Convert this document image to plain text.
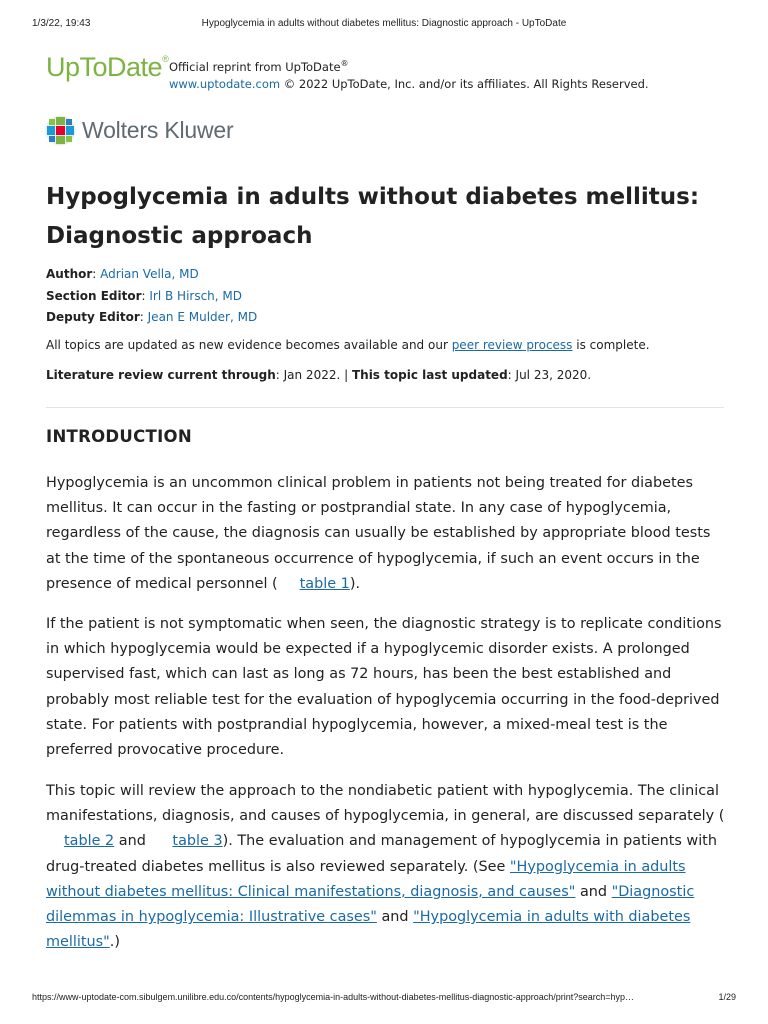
1/3/22, 19:43	Hypoglycemia in adults without diabetes mellitus: Diagnostic approach - UpToDate
UpToDate®
Official reprint from UpToDate®
www.uptodate.com © 2022 UpToDate, Inc. and/or its affiliates. All Rights Reserved.
Wolters Kluwer
Hypoglycemia in adults without diabetes mellitus: Diagnostic approach
Author: Adrian Vella, MD
Section Editor: Irl B Hirsch, MD
Deputy Editor: Jean E Mulder, MD
All topics are updated as new evidence becomes available and our peer review process is complete.
Literature review current through: Jan 2022. | This topic last updated: Jul 23, 2020.
INTRODUCTION

Hypoglycemia is an uncommon clinical problem in patients not being treated for diabetes mellitus. It can occur in the fasting or postprandial state. In any case of hypoglycemia, regardless of the cause, the diagnosis can usually be established by appropriate blood tests at the time of the spontaneous occurrence of hypoglycemia, if such an event occurs in the presence of medical personnel ( table 1).

If the patient is not symptomatic when seen, the diagnostic strategy is to replicate conditions in which hypoglycemia would be expected if a hypoglycemic disorder exists. A prolonged supervised fast, which can last as long as 72 hours, has been the best established and probably most reliable test for the evaluation of hypoglycemia occurring in the food-deprived state. For patients with postprandial hypoglycemia, however, a mixed-meal test is the preferred provocative procedure.

This topic will review the approach to the nondiabetic patient with hypoglycemia. The clinical manifestations, diagnosis, and causes of hypoglycemia, in general, are discussed separately (
table 2 and table 3). The evaluation and management of hypoglycemia in patients with drug-treated diabetes mellitus is also reviewed separately. (See "Hypoglycemia in adults without diabetes mellitus: Clinical manifestations, diagnosis, and causes" and "Diagnostic dilemmas in hypoglycemia: Illustrative cases" and "Hypoglycemia in adults with diabetes mellitus".)

https://www-uptodate-com.sibulgem.unilibre.edu.co/contents/hypoglycemia-in-adults-without-diabetes-mellitus-diagnostic-approach/print?search=hyp…	1/29
